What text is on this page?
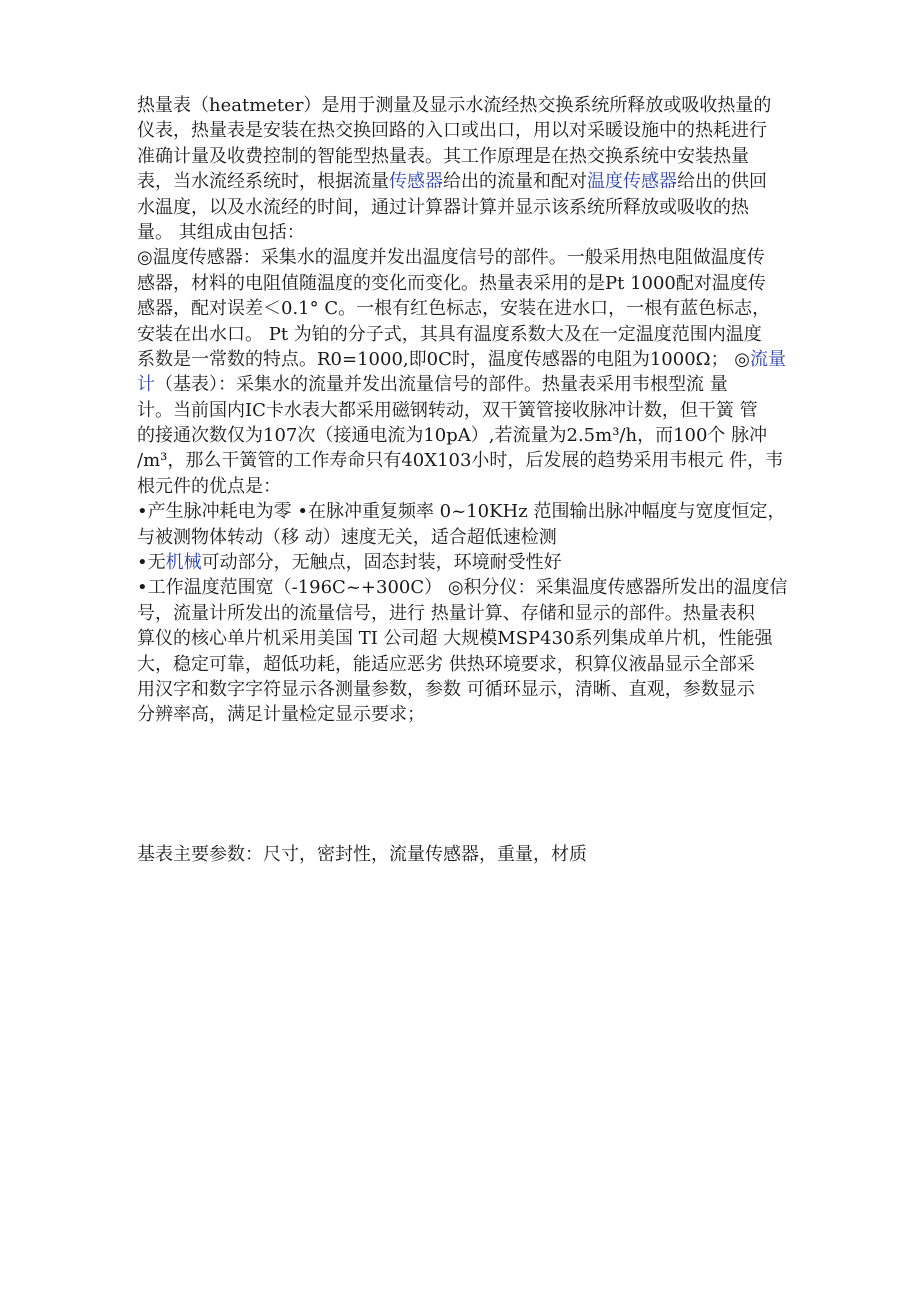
热量表（heatmeter）是用于测量及显示水流经热交换系统所释放或吸收热量的
仪表，热量表是安装在热交换回路的入口或出口，用以对采暖设施中的热耗进行
准确计量及收费控制的智能型热量表。其工作原理是在热交换系统中安装热量
表，当水流经系统时，根据流量传感器给出的流量和配对温度传感器给出的供回
水温度，以及水流经的时间，通过计算器计算并显示该系统所释放或吸收的热
量。 其组成由包括：
◎温度传感器：采集水的温度并发出温度信号的部件。一般采用热电阻做温度传
感器，材料的电阻值随温度的变化而变化。热量表采用的是Pt 1000配对温度传
感器，配对误差＜0.1° C。一根有红色标志，安装在进水口，一根有蓝色标志，
安装在出水口。 Pt 为铂的分子式，其具有温度系数大及在一定温度范围内温度
系数是一常数的特点。R0=1000,即0C时，温度传感器的电阻为1000Ω； ◎流量
计（基表）：采集水的流量并发出流量信号的部件。热量表采用韦根型流 量
计。当前国内IC卡水表大都采用磁钢转动，双干簧管接收脉冲计数，但干簧 管
的接通次数仅为107次（接通电流为10pA）,若流量为2.5m³/h，而100个 脉冲
/m³，那么干簧管的工作寿命只有40X103小时，后发展的趋势采用韦根元 件，韦
根元件的优点是：
•产生脉冲耗电为零 •在脉冲重复频率 0~10KHz 范围输出脉冲幅度与宽度恒定，
与被测物体转动（移 动）速度无关，适合超低速检测
•无机械可动部分，无触点，固态封装，环境耐受性好
•工作温度范围宽（-196C~+300C） ◎积分仪：采集温度传感器所发出的温度信
号，流量计所发出的流量信号，进行 热量计算、存储和显示的部件。热量表积
算仪的核心单片机采用美国 TI 公司超 大规模MSP430系列集成单片机，性能强
大，稳定可靠，超低功耗，能适应恶劣 供热环境要求，积算仪液晶显示全部采
用汉字和数字字符显示各测量参数，参数 可循环显示，清晰、直观，参数显示
分辨率高，满足计量检定显示要求；
基表主要参数：尺寸，密封性，流量传感器，重量，材质
